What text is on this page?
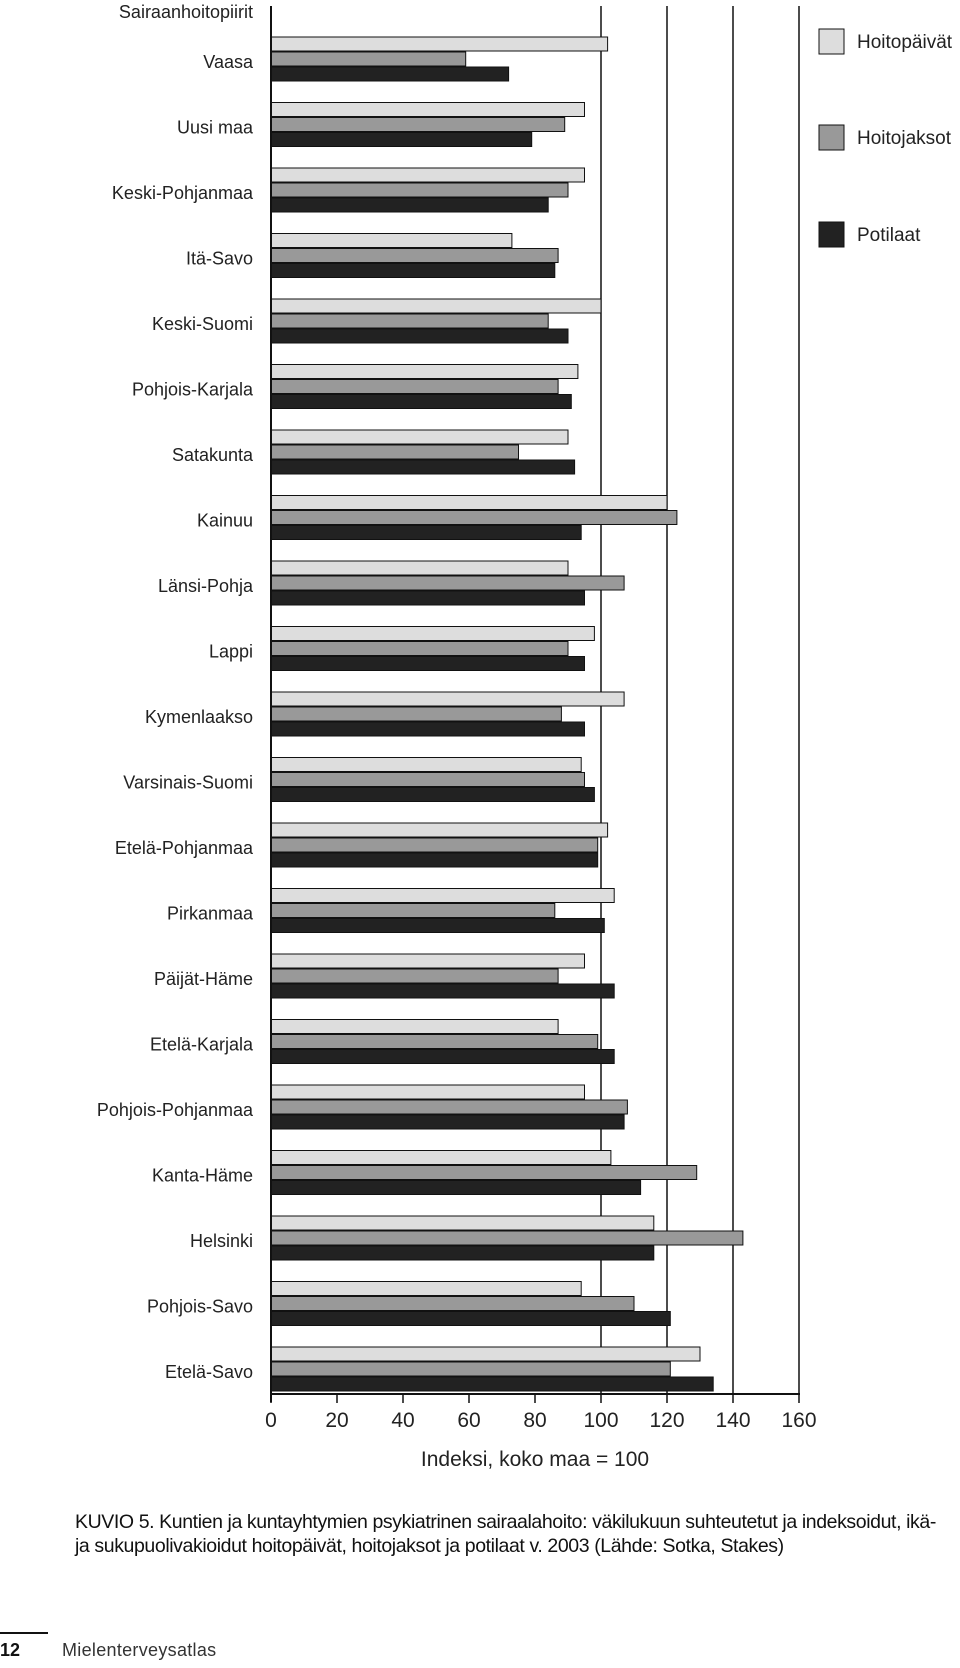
Sairaanhoitopiirit
Vaasa
Uusi maa
Keski-Pohjanmaa
Itä-Savo
Keski-Suomi
Pohjois-Karjala
Satakunta
Kainuu
Länsi-Pohja
Lappi
Kymenlaakso
Varsinais-Suomi
Etelä-Pohjanmaa
Pirkanmaa
Päijät-Häme
Etelä-Karjala
Pohjois-Pohjanmaa
Kanta-Häme
Helsinki
Pohjois-Savo
Etelä-Savo
0 20 40 60 80 100 120 140 160
Indeksi, koko maa = 100
Hoitopäivät
Hoitojaksot
Potilaat
KUVIO 5. Kuntien ja kuntayhtymien psykiatrinen sairaalahoito: väkilukuun suhteutetut ja indeksoidut, ikä- ja sukupuolivakioidut hoitopäivät, hoitojaksot ja potilaat v. 2003 (Lähde: Sotka, Stakes)
12 Mielenterveysatlas
